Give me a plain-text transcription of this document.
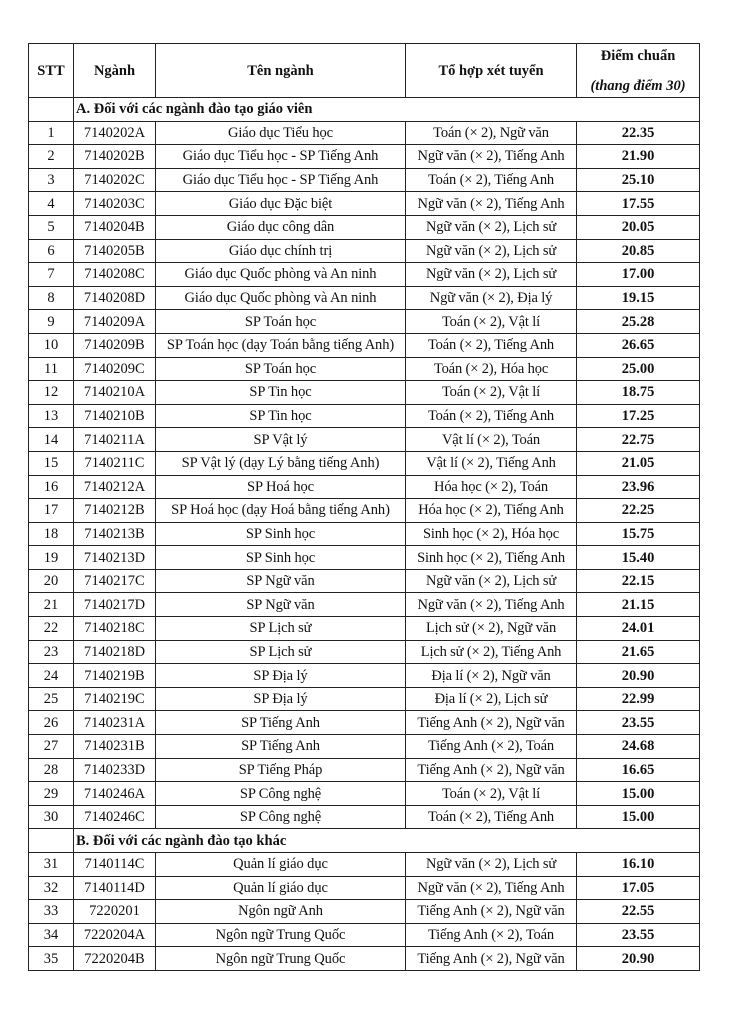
STT	Ngành	Tên ngành	Tổ hợp xét tuyển	Điểm chuẩn
(thang điểm 30)

	A. Đối với các ngành đào tạo giáo viên			
1	7140202A	Giáo dục Tiểu học	Toán (× 2), Ngữ văn	22.35
2	7140202B	Giáo dục Tiểu học - SP Tiếng Anh	Ngữ văn (× 2), Tiếng Anh	21.90
3	7140202C	Giáo dục Tiểu học - SP Tiếng Anh	Toán (× 2), Tiếng Anh	25.10
4	7140203C	Giáo dục Đặc biệt	Ngữ văn (× 2), Tiếng Anh	17.55
5	7140204B	Giáo dục công dân	Ngữ văn (× 2), Lịch sử	20.05
6	7140205B	Giáo dục chính trị	Ngữ văn (× 2), Lịch sử	20.85
7	7140208C	Giáo dục Quốc phòng và An ninh	Ngữ văn (× 2), Lịch sử	17.00
8	7140208D	Giáo dục Quốc phòng và An ninh	Ngữ văn (× 2), Địa lý	19.15
9	7140209A	SP Toán học	Toán (× 2), Vật lí	25.28
10	7140209B	SP Toán học (dạy Toán bằng tiếng Anh)	Toán (× 2), Tiếng Anh	26.65
11	7140209C	SP Toán học	Toán (× 2), Hóa học	25.00
12	7140210A	SP Tin học	Toán (× 2), Vật lí	18.75
13	7140210B	SP Tin học	Toán (× 2), Tiếng Anh	17.25
14	7140211A	SP Vật lý	Vật lí (× 2), Toán	22.75
15	7140211C	SP Vật lý (dạy Lý bằng tiếng Anh)	Vật lí (× 2), Tiếng Anh	21.05
16	7140212A	SP Hoá học	Hóa học (× 2), Toán	23.96
17	7140212B	SP Hoá học (dạy Hoá bằng tiếng Anh)	Hóa học (× 2), Tiếng Anh	22.25
18	7140213B	SP Sinh học	Sinh học (× 2), Hóa học	15.75
19	7140213D	SP Sinh học	Sinh học (× 2), Tiếng Anh	15.40
20	7140217C	SP Ngữ văn	Ngữ văn (× 2), Lịch sử	22.15
21	7140217D	SP Ngữ văn	Ngữ văn (× 2), Tiếng Anh	21.15
22	7140218C	SP Lịch sử	Lịch sử (× 2), Ngữ văn	24.01
23	7140218D	SP Lịch sử	Lịch sử (× 2), Tiếng Anh	21.65
24	7140219B	SP Địa lý	Địa lí (× 2), Ngữ văn	20.90
25	7140219C	SP Địa lý	Địa lí (× 2), Lịch sử	22.99
26	7140231A	SP Tiếng Anh	Tiếng Anh (× 2), Ngữ văn	23.55
27	7140231B	SP Tiếng Anh	Tiếng Anh (× 2), Toán	24.68
28	7140233D	SP Tiếng Pháp	Tiếng Anh (× 2), Ngữ văn	16.65
29	7140246A	SP Công nghệ	Toán (× 2), Vật lí	15.00
30	7140246C	SP Công nghệ	Toán (× 2), Tiếng Anh	15.00
	B. Đối với các ngành đào tạo khác			
31	7140114C	Quản lí giáo dục	Ngữ văn (× 2), Lịch sử	16.10
32	7140114D	Quản lí giáo dục	Ngữ văn (× 2), Tiếng Anh	17.05
33	7220201	Ngôn ngữ Anh	Tiếng Anh (× 2), Ngữ văn	22.55
34	7220204A	Ngôn ngữ Trung Quốc	Tiếng Anh (× 2), Toán	23.55
35	7220204B	Ngôn ngữ Trung Quốc	Tiếng Anh (× 2), Ngữ văn	20.90
